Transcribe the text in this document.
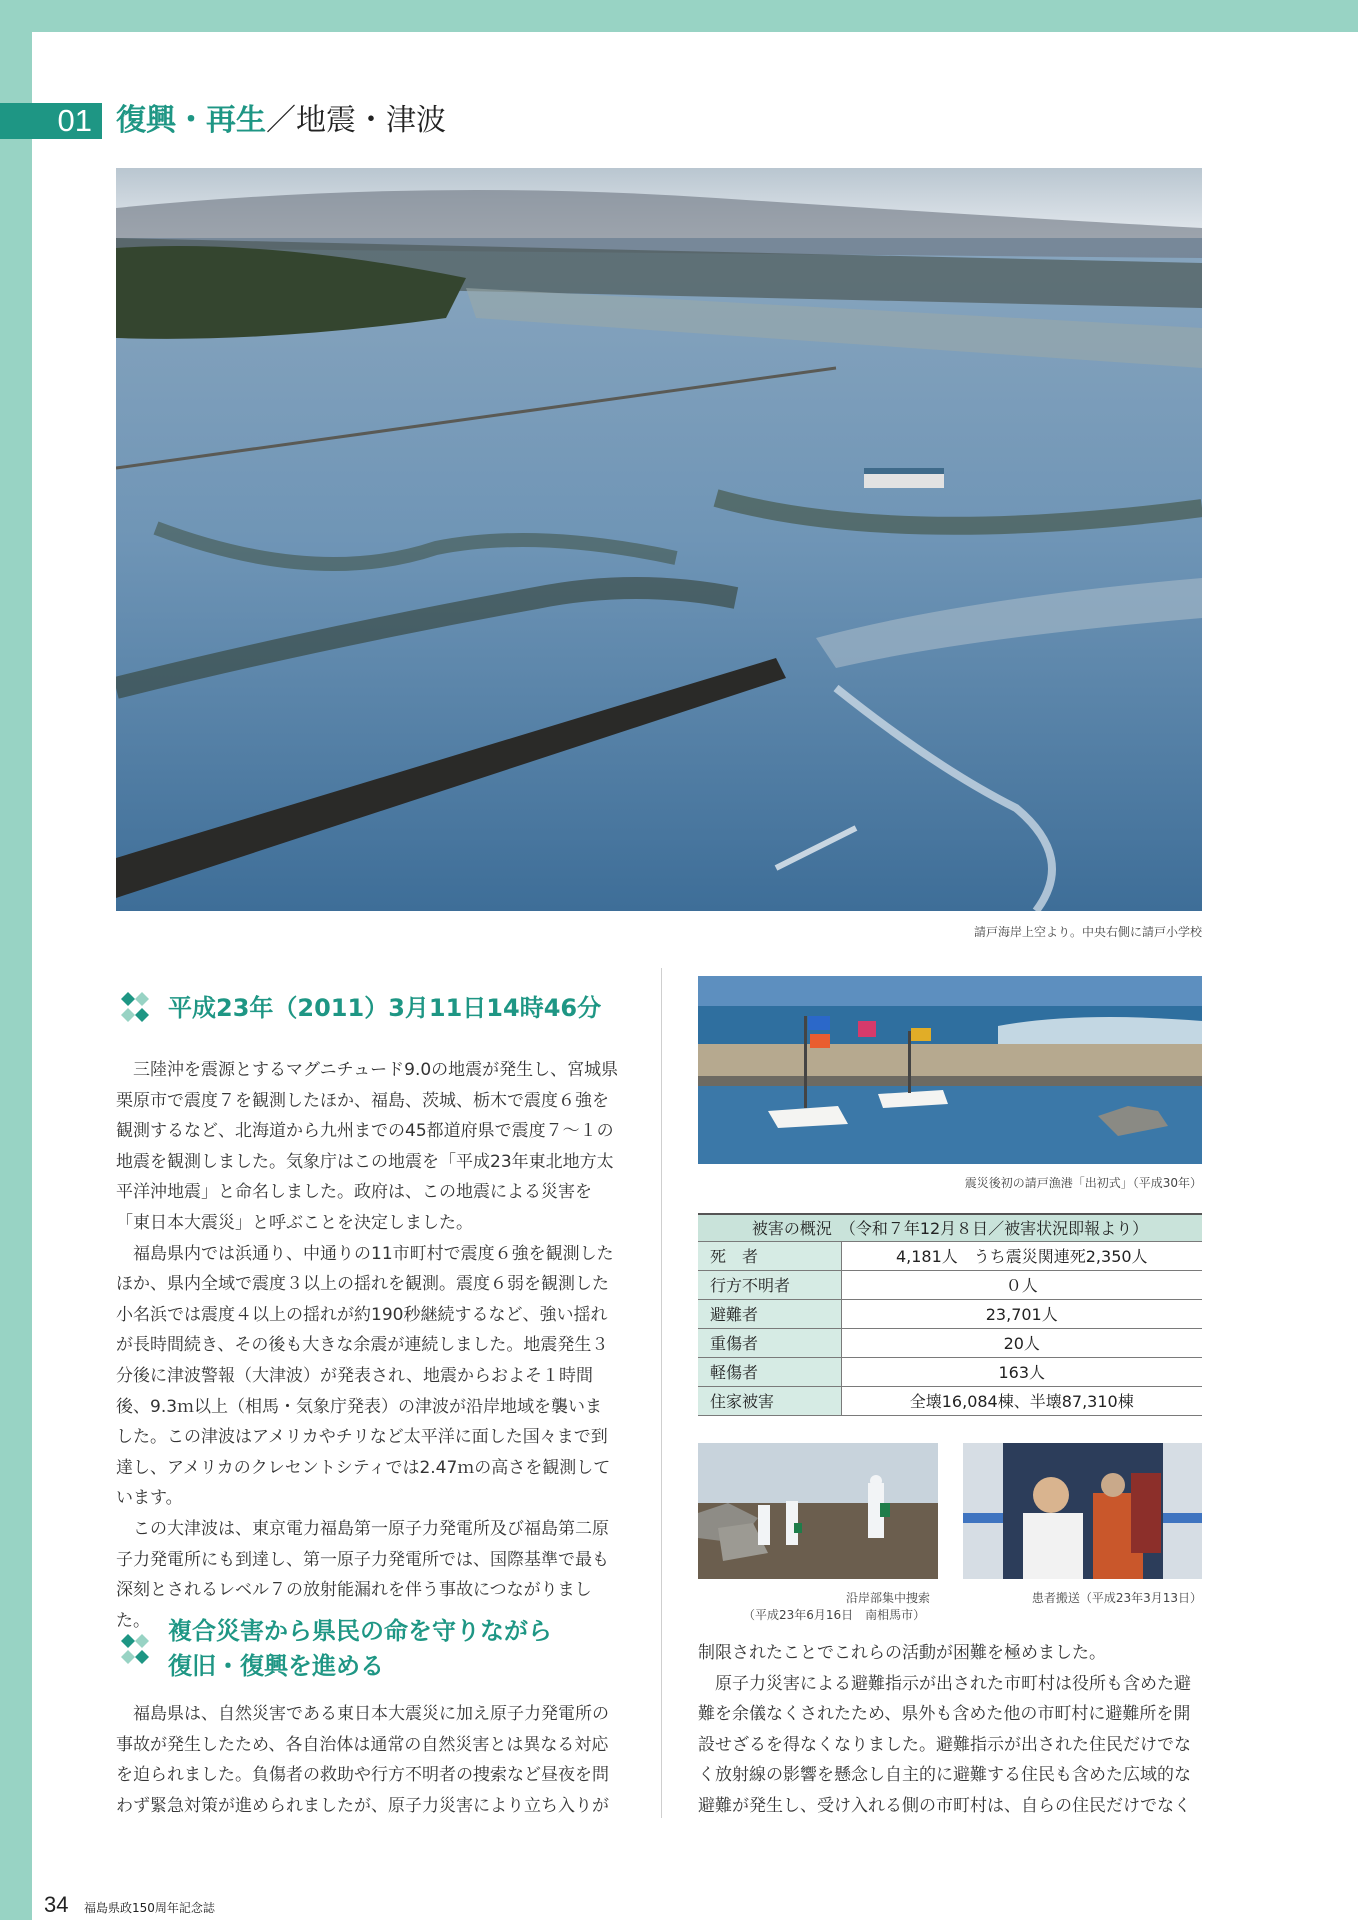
01 復興・再生／地震・津波
請戸海岸上空より。中央右側に請戸小学校
平成23年（2011）3月11日14時46分

三陸沖を震源とするマグニチュード9.0の地震が発生し、宮城県栗原市で震度７を観測したほか、福島、茨城、栃木で震度６強を観測するなど、北海道から九州までの45都道府県で震度７～１の地震を観測しました。気象庁はこの地震を「平成23年東北地方太平洋沖地震」と命名しました。政府は、この地震による災害を「東日本大震災」と呼ぶことを決定しました。

福島県内では浜通り、中通りの11市町村で震度６強を観測したほか、県内全域で震度３以上の揺れを観測。震度６弱を観測した小名浜では震度４以上の揺れが約190秒継続するなど、強い揺れが長時間続き、その後も大きな余震が連続しました。地震発生３分後に津波警報（大津波）が発表され、地震からおよそ１時間後、9.3ｍ以上（相馬・気象庁発表）の津波が沿岸地域を襲いました。この津波はアメリカやチリなど太平洋に面した国々まで到達し、アメリカのクレセントシティでは2.47ｍの高さを観測しています。

この大津波は、東京電力福島第一原子力発電所及び福島第二原子力発電所にも到達し、第一原子力発電所では、国際基準で最も深刻とされるレベル７の放射能漏れを伴う事故につながりました。 複合災害から県民の命を守りながら
復旧・復興を進める

福島県は、自然災害である東日本大震災に加え原子力発電所の事故が発生したため、各自治体は通常の自然災害とは異なる対応を迫られました。負傷者の救助や行方不明者の捜索など昼夜を問わず緊急対策が進められましたが、原子力災害により立ち入りが

震災後初の請戸漁港「出初式」（平成30年）
被害の概況　（令和７年12月８日／被害状況即報より）	
死　者	4,181人　うち震災関連死2,350人
行方不明者	０人
避難者	23,701人
重傷者	20人
軽傷者	163人
住家被害	全壊16,084棟、半壊87,310棟
沿岸部集中捜索
（平成23年6月16日　南相馬市）
患者搬送（平成23年3月13日）
制限されたことでこれらの活動が困難を極めました。

原子力災害による避難指示が出された市町村は役所も含めた避難を余儀なくされたため、県外も含めた他の市町村に避難所を開設せざるを得なくなりました。避難指示が出された住民だけでなく放射線の影響を懸念し自主的に避難する住民も含めた広域的な避難が発生し、受け入れる側の市町村は、自らの住民だけでなく

34 福島県政150周年記念誌
